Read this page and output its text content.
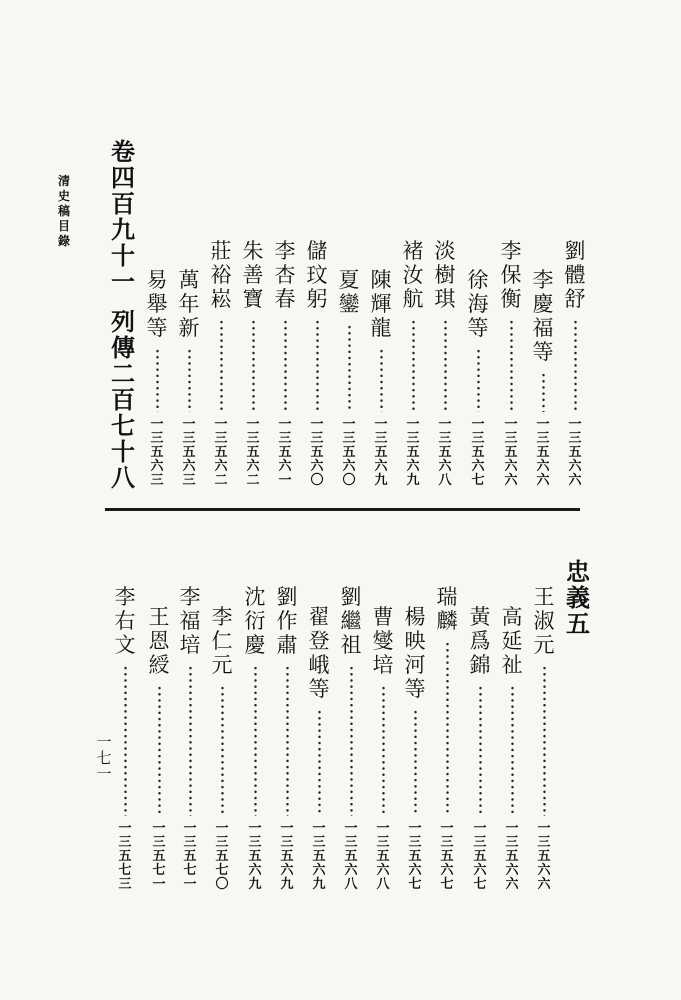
卷
四
百
九
十
一

列
傳
二
百
七
十
八
劉
體
舒
一
三
五
六
六
李
慶
福
等
一
三
五
六
六
李
保
衡
一
三
五
六
六
徐
海
等
一
三
五
六
七
淡
樹
琪
一
三
五
六
八
褚
汝
航
一
三
五
六
九
陳
輝
龍
一
三
五
六
九
夏
鑾
一
三
五
六
〇
儲
玟
躬
一
三
五
六
〇
李
杏
春
一
三
五
六
一
朱
善
寶
一
三
五
六
二
莊
裕
崧
一
三
五
六
二
萬
年
新
一
三
五
六
三
易
舉
等
一
三
五
六
三
忠
義
五
王
淑
元
一
三
五
六
六
高
延
祉
一
三
五
六
六
黃
爲
錦
一
三
五
六
七
瑞
麟
一
三
五
六
七
楊
映
河
等
一
三
五
六
七
曹
燮
培
一
三
五
六
八
劉
繼
祖
一
三
五
六
八
翟
登
峨
等
一
三
五
六
九
劉
作
肅
一
三
五
六
九
沈
衍
慶
一
三
五
六
九
李
仁
元
一
三
五
七
〇
李
福
培
一
三
五
七
一
王
恩
綬
一
三
五
七
一
李
右
文
一
三
五
七
三
清
史
稿
目
錄
一
七
一
